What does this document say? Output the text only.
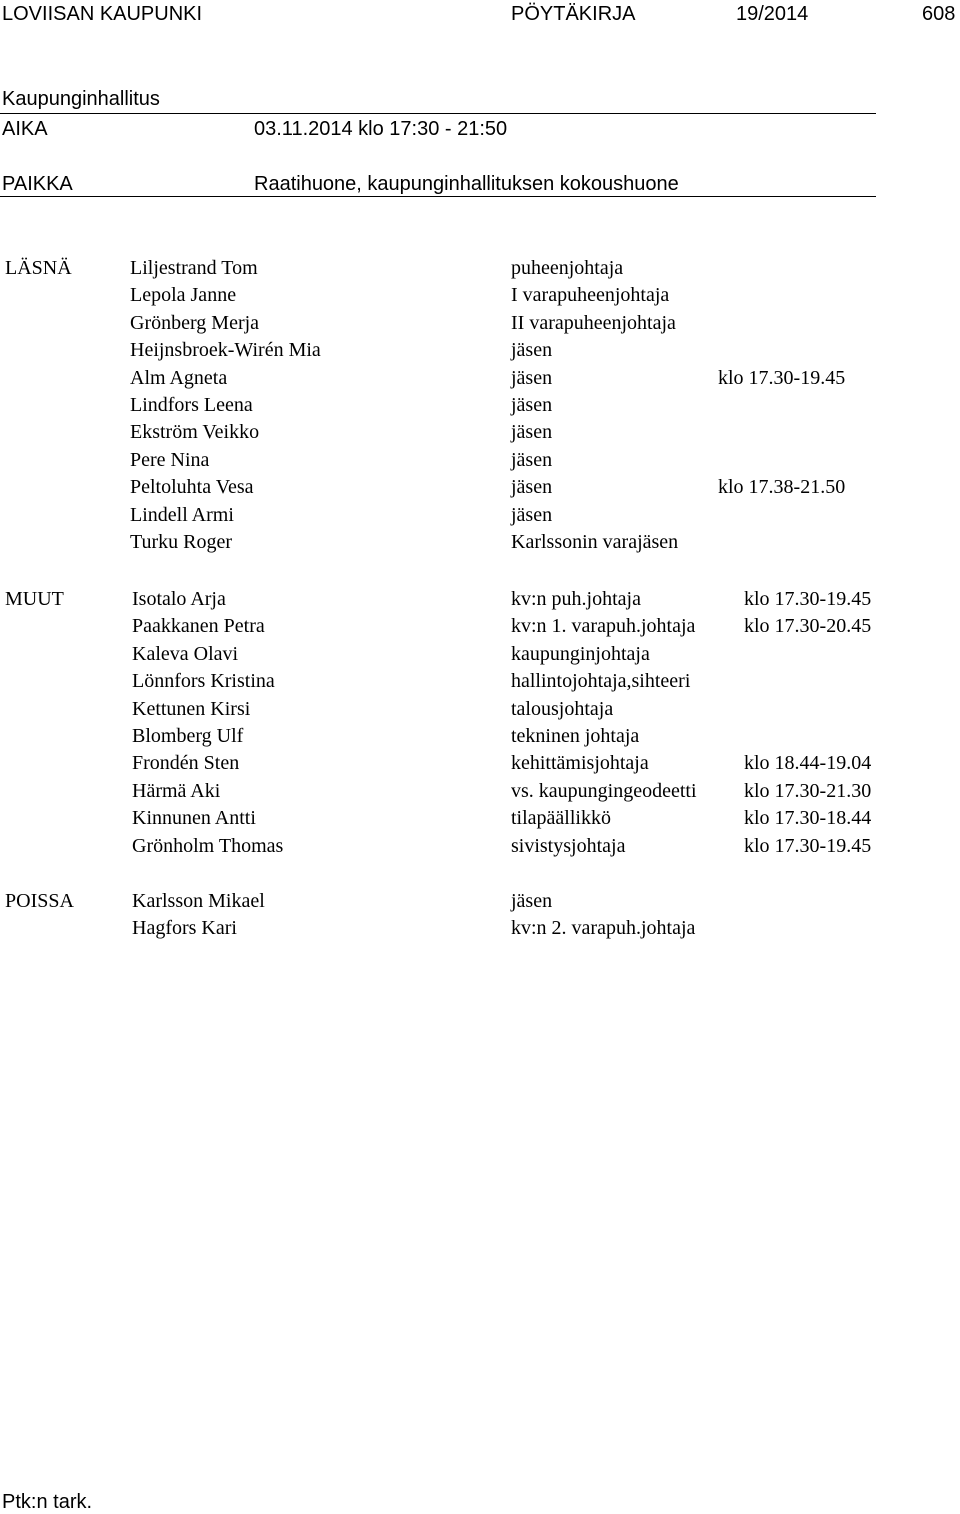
LOVIISAN KAUPUNKI	PÖYTÄKIRJA	19/2014	608
Kaupunginhallitus
AIKA	03.11.2014 klo 17:30 - 21:50
PAIKKA	Raatihuone, kaupunginhallituksen kokoushuone
LÄSNÄ	Liljestrand Tom	puheenjohtaja
Lepola Janne	I varapuheenjohtaja
Grönberg Merja	II varapuheenjohtaja
Heijnsbroek-Wirén Mia	jäsen
Alm Agneta	jäsen	klo 17.30-19.45
Lindfors Leena	jäsen
Ekström Veikko	jäsen
Pere Nina	jäsen
Peltoluhta Vesa	jäsen	klo 17.38-21.50
Lindell Armi	jäsen
Turku Roger	Karlssonin varajäsen
MUUT	Isotalo Arja	kv:n puh.johtaja	klo 17.30-19.45
Paakkanen Petra	kv:n 1. varapuh.johtaja klo 17.30-20.45
Kaleva Olavi	kaupunginjohtaja
Lönnfors Kristina	hallintojohtaja,sihteeri
Kettunen Kirsi	talousjohtaja
Blomberg Ulf	tekninen johtaja
Frondén Sten	kehittämisjohtaja	klo 18.44-19.04
Härmä Aki	vs. kaupungingeodeetti klo 17.30-21.30
Kinnunen Antti	tilapäällikkö	klo 17.30-18.44
Grönholm Thomas	sivistysjohtaja	klo 17.30-19.45
POISSA	Karlsson Mikael	jäsen
Hagfors Kari	kv:n 2. varapuh.johtaja
Ptk:n tark.
